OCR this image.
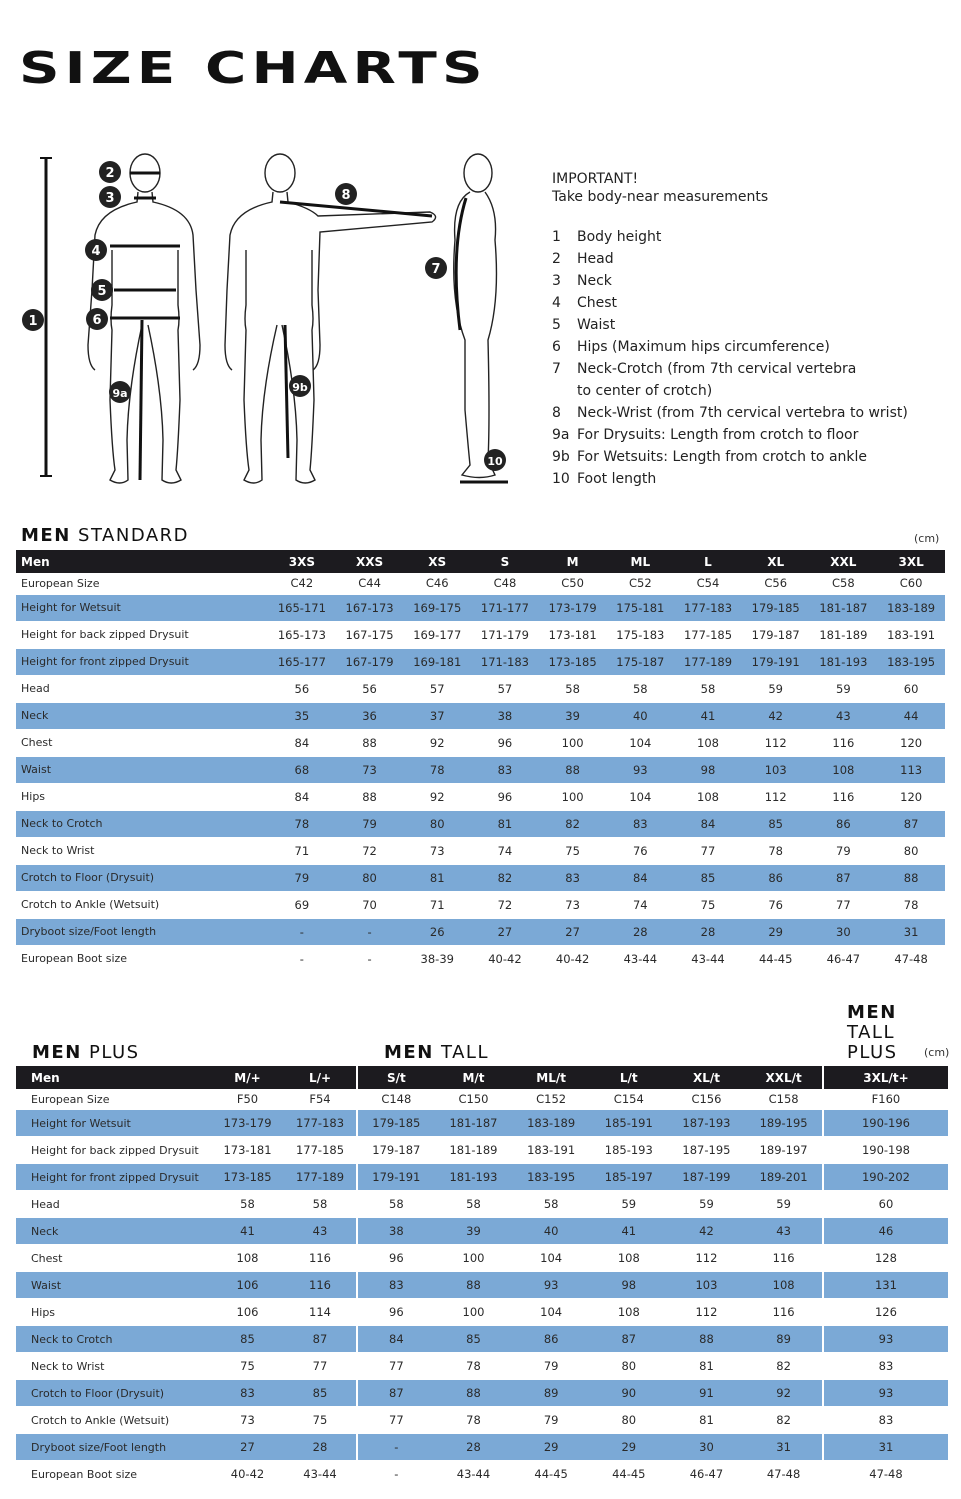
SIZE CHARTS
1
2
3
4
5
6
7
8
9a	9b
10

IMPORTANT!

Take body-near measurements

1	Body height
2	Head
3	Neck
4	Chest
5	Waist
6	Hips (Maximum hips circumference)
7	Neck-Crotch (from 7th cervical vertebra
to center of crotch)
8	Neck-Wrist (from 7th cervical vertebra to wrist)
9a For Drysuits: Length from crotch to floor
9b For Wetsuits: Length from crotch to ankle
10 Foot length
MEN STANDARD	(cm)
Men	3XS	XXS	XS	S	M	ML	L	XL	XXL	3XL
European Size	C42	C44	C46	C48	C50	C52	C54	C56	C58	C60
Height for Wetsuit	165-171	167-173	169-175	171-177	173-179	175-181	177-183	179-185	181-187	183-189
Height for back zipped Drysuit	165-173	167-175	169-177	171-179	173-181	175-183	177-185	179-187	181-189	183-191
Height for front zipped Drysuit	165-177	167-179	169-181	171-183	173-185	175-187	177-189	179-191	181-193	183-195
Head	56	56	57	57	58	58	58	59	59	60
Neck	35	36	37	38	39	40	41	42	43	44
Chest	84	88	92	96	100	104	108	112	116	120
Waist	68	73	78	83	88	93	98	103	108	113
Hips	84	88	92	96	100	104	108	112	116	120
Neck to Crotch	78	79	80	81	82	83	84	85	86	87
Neck to Wrist	71	72	73	74	75	76	77	78	79	80
Crotch to Floor (Drysuit)	79	80	81	82	83	84	85	86	87	88
Crotch to Ankle (Wetsuit)	69	70	71	72	73	74	75	76	77	78
Dryboot size/Foot length	-	-	26	27	27	28	28	29	30	31
European Boot size	-	-	38-39	40-42	40-42	43-44	43-44	44-45	46-47	47-48
MEN PLUS	MEN TALL
MEN
TALL
PLUS (cm)
Men	M/+	L/+	S/t	M/t	ML/t	L/t	XL/t	XXL/t	3XL/t+
European Size	F50	F54	C148	C150	C152	C154	C156	C158	F160
Height for Wetsuit	173-179	177-183	179-185	181-187	183-189	185-191	187-193	189-195	190-196
Height for back zipped Drysuit	173-181	177-185	179-187	181-189	183-191	185-193	187-195	189-197	190-198
Height for front zipped Drysuit	173-185	177-189	179-191	181-193	183-195	185-197	187-199	189-201	190-202
Head	58	58	58	58	58	59	59	59	60
Neck	41	43	38	39	40	41	42	43	46
Chest	108	116	96	100	104	108	112	116	128
Waist	106	116	83	88	93	98	103	108	131
Hips	106	114	96	100	104	108	112	116	126
Neck to Crotch	85	87	84	85	86	87	88	89	93
Neck to Wrist	75	77	77	78	79	80	81	82	83
Crotch to Floor (Drysuit)	83	85	87	88	89	90	91	92	93
Crotch to Ankle (Wetsuit)	73	75	77	78	79	80	81	82	83
Dryboot size/Foot length	27	28	-	28	29	29	30	31	31
European Boot size	40-42	43-44	-	43-44	44-45	44-45	46-47	47-48	47-48
